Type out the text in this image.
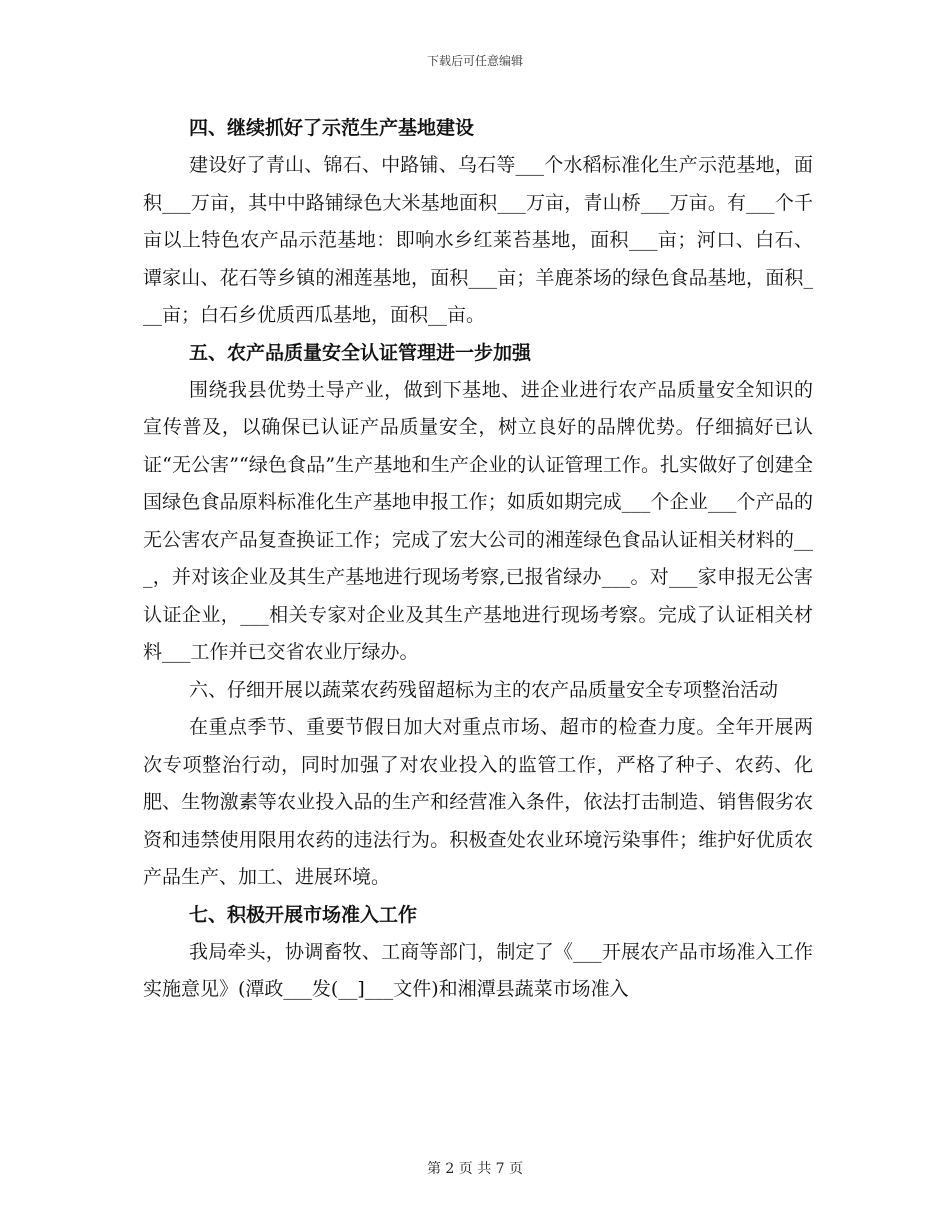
下载后可任意编辑

四、继续抓好了示范生产基地建设

建设好了青山、锦石、中路铺、乌石等___个水稻标准化生产示范基地，面积___万亩，其中中路铺绿色大米基地面积___万亩，青山桥___万亩。有___个千亩以上特色农产品示范基地：即响水乡红莱苔基地，面积___亩；河口、白石、谭家山、花石等乡镇的湘莲基地，面积___亩；羊鹿茶场的绿色食品基地，面积___亩；白石乡优质西瓜基地，面积__亩。

五、农产品质量安全认证管理进一步加强

围绕我县优势土导产业，做到下基地、进企业进行农产品质量安全知识的宣传普及，以确保已认证产品质量安全，树立良好的品牌优势。仔细搞好已认证“无公害”“绿色食品”生产基地和生产企业的认证管理工作。扎实做好了创建全国绿色食品原料标准化生产基地申报工作；如质如期完成___个企业___个产品的无公害农产品复查换证工作；完成了宏大公司的湘莲绿色食品认证相关材料的___，并对该企业及其生产基地进行现场考察,已报省绿办___。对___家申报无公害认证企业，___相关专家对企业及其生产基地进行现场考察。完成了认证相关材料___工作并已交省农业厅绿办。

六、仔细开展以蔬菜农药残留超标为主的农产品质量安全专项整治活动

在重点季节、重要节假日加大对重点市场、超市的检查力度。全年开展两次专项整治行动，同时加强了对农业投入的监管工作，严格了种子、农药、化肥、生物激素等农业投入品的生产和经营准入条件，依法打击制造、销售假劣农资和违禁使用限用农药的违法行为。积极查处农业环境污染事件；维护好优质农产品生产、加工、进展环境。

七、积极开展市场准入工作

我局牵头，协调畜牧、工商等部门，制定了《___开展农产品市场准入工作实施意见》(潭政___发(__]___文件)和湘潭县蔬菜市场准入

第 2 页 共 7 页
